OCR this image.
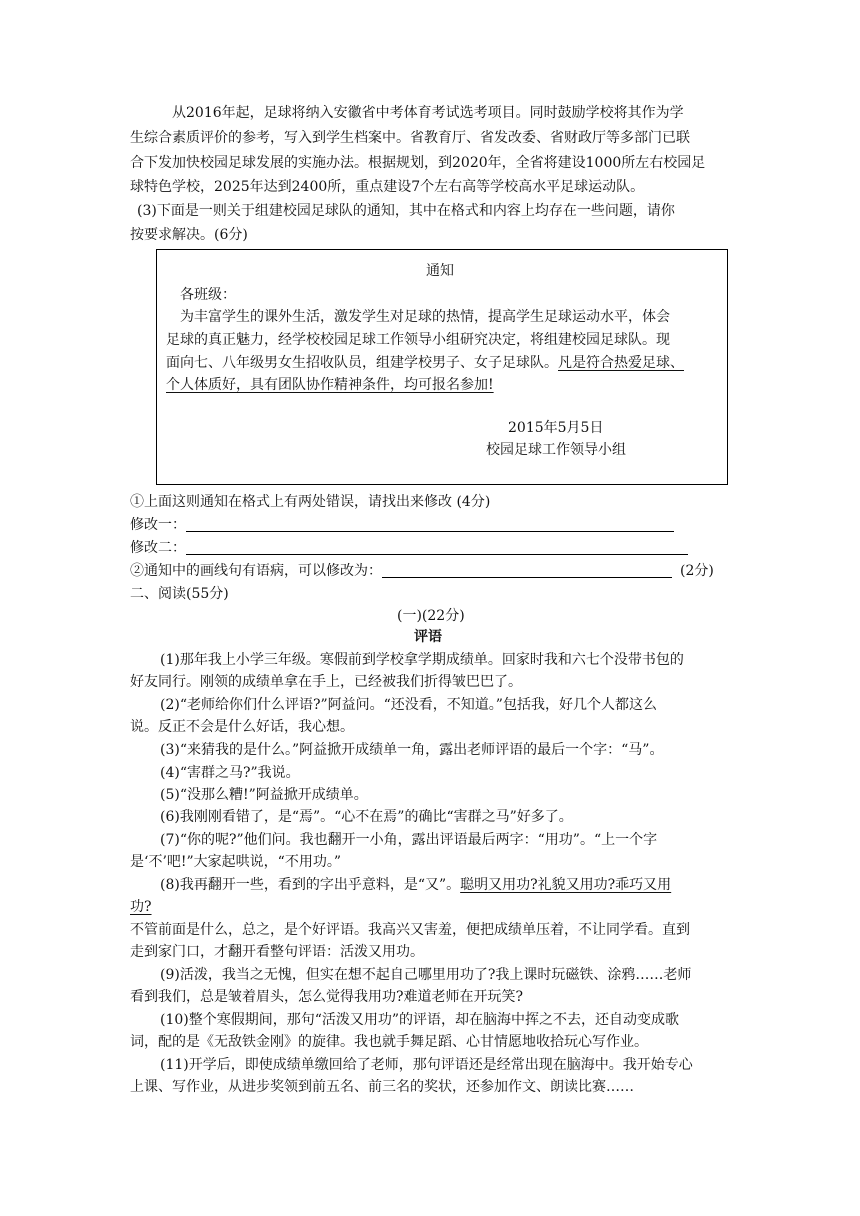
从2016年起，足球将纳入安徽省中考体育考试选考项目。同时鼓励学校将其作为学
生综合素质评价的参考，写入到学生档案中。省教育厅、省发改委、省财政厅等多部门已联
合下发加快校园足球发展的实施办法。根据规划，到2020年，全省将建设1000所左右校园足
球特色学校，2025年达到2400所，重点建设7个左右高等学校高水平足球运动队。
(3)下面是一则关于组建校园足球队的通知，其中在格式和内容上均存在一些问题，请你
按要求解决。(6分)
通知
各班级：
为丰富学生的课外生活，激发学生对足球的热情，提高学生足球运动水平，体会
足球的真正魅力，经学校校园足球工作领导小组研究决定，将组建校园足球队。现
面向七、八年级男女生招收队员，组建学校男子、女子足球队。凡是符合热爱足球、
个人体质好，具有团队协作精神条件，均可报名参加!
2015年5月5日
校园足球工作领导小组
①上面这则通知在格式上有两处错误，请找出来修改 (4分)
修改一：
修改二：
②通知中的画线句有语病，可以修改为：	(2分)
二、阅读(55分)
(一)(22分)
评语
(1)那年我上小学三年级。寒假前到学校拿学期成绩单。回家时我和六七个没带书包的
好友同行。刚领的成绩单拿在手上，已经被我们折得皱巴巴了。
(2)“老师给你们什么评语?”阿益问。“还没看，不知道。”包括我，好几个人都这么
说。反正不会是什么好话，我心想。
(3)“来猜我的是什么。”阿益掀开成绩单一角，露出老师评语的最后一个字：“马”。
(4)“害群之马?”我说。
(5)“没那么糟!”阿益掀开成绩单。
(6)我刚刚看错了，是“焉”。“心不在焉”的确比“害群之马”好多了。
(7)“你的呢?”他们问。我也翻开一小角，露出评语最后两字：“用功”。“上一个字
是‘不’吧!”大家起哄说，“不用功。”
(8)我再翻开一些，看到的字出乎意料，是“又”。聪明又用功?礼貌又用功?乖巧又用
功?
不管前面是什么，总之，是个好评语。我高兴又害羞，便把成绩单压着，不让同学看。直到
走到家门口，才翻开看整句评语：活泼又用功。
(9)活泼，我当之无愧，但实在想不起自己哪里用功了?我上课时玩磁铁、涂鸦……老师
看到我们，总是皱着眉头，怎么觉得我用功?难道老师在开玩笑?
(10)整个寒假期间，那句“活泼又用功”的评语，却在脑海中挥之不去，还自动变成歌
词，配的是《无敌铁金刚》的旋律。我也就手舞足蹈、心甘情愿地收拾玩心写作业。
(11)开学后，即使成绩单缴回给了老师，那句评语还是经常出现在脑海中。我开始专心
上课、写作业，从进步奖领到前五名、前三名的奖状，还参加作文、朗读比赛……
